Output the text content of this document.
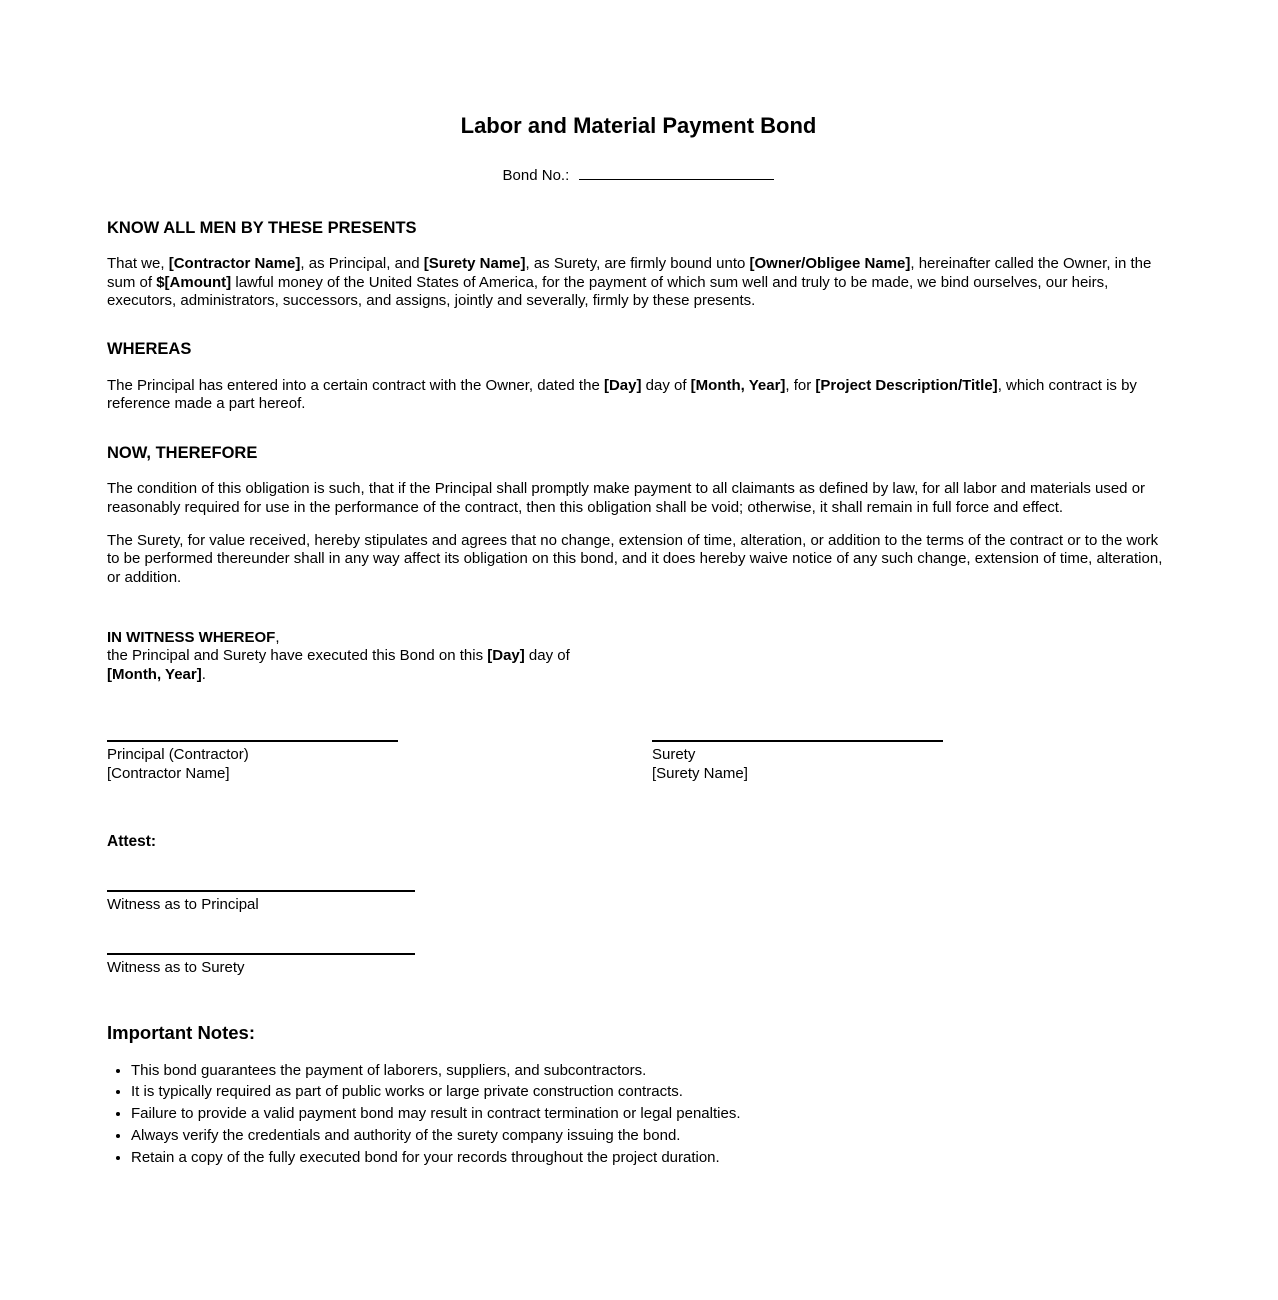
Labor and Material Payment Bond
Bond No.:
KNOW ALL MEN BY THESE PRESENTS

That we, [Contractor Name], as Principal, and [Surety Name], as Surety, are firmly bound unto [Owner/Obligee Name], hereinafter called the Owner, in the sum of $[Amount] lawful money of the United States of America, for the payment of which sum well and truly to be made, we bind ourselves, our heirs, executors, administrators, successors, and assigns, jointly and severally, firmly by these presents.

WHEREAS

The Principal has entered into a certain contract with the Owner, dated the [Day] day of [Month, Year], for [Project Description/Title], which contract is by reference made a part hereof.

NOW, THEREFORE

The condition of this obligation is such, that if the Principal shall promptly make payment to all claimants as defined by law, for all labor and materials used or reasonably required for use in the performance of the contract, then this obligation shall be void; otherwise, it shall remain in full force and effect.

The Surety, for value received, hereby stipulates and agrees that no change, extension of time, alteration, or addition to the terms of the contract or to the work to be performed thereunder shall in any way affect its obligation on this bond, and it does hereby waive notice of any such change, extension of time, alteration, or addition.

IN WITNESS WHEREOF,
the Principal and Surety have executed this Bond on this [Day] day of
[Month, Year].
Principal (Contractor)
[Contractor Name]
Surety
[Surety Name]
Attest:
Witness as to Principal
Witness as to Surety
Important Notes:
• This bond guarantees the payment of laborers, suppliers, and subcontractors.
• It is typically required as part of public works or large private construction contracts.
• Failure to provide a valid payment bond may result in contract termination or legal penalties.
• Always verify the credentials and authority of the surety company issuing the bond.
• Retain a copy of the fully executed bond for your records throughout the project duration.
